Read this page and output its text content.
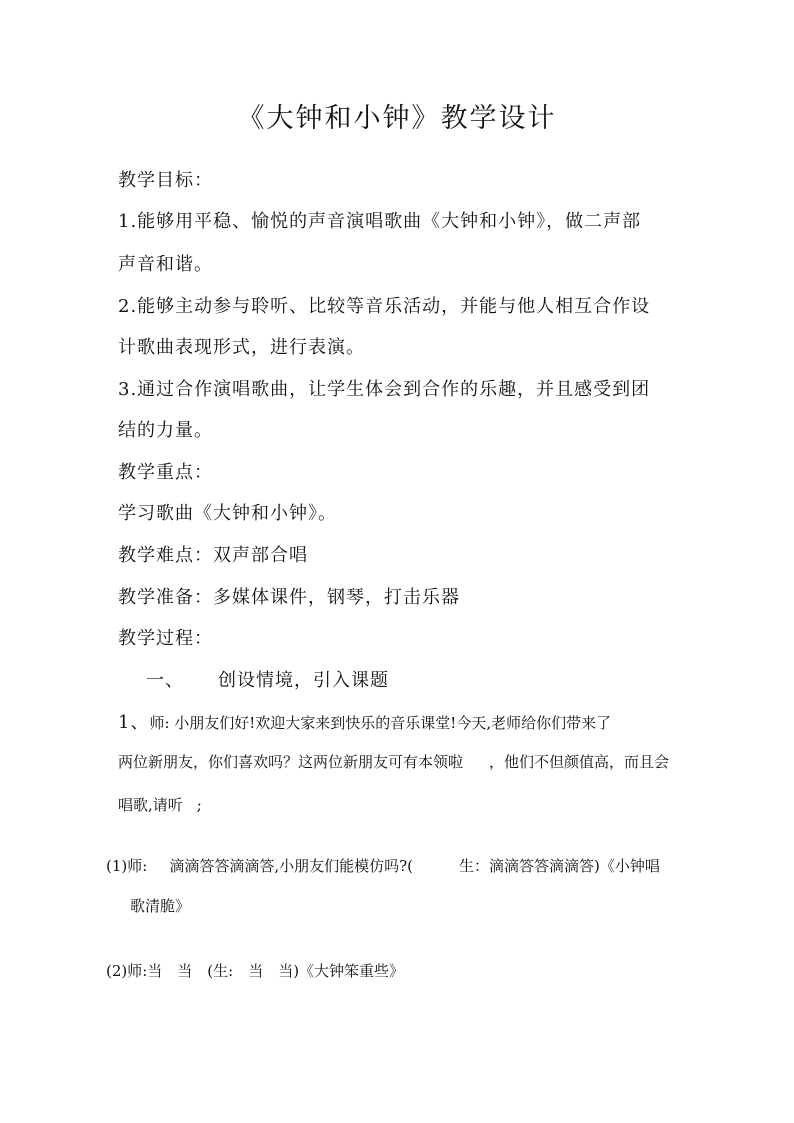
《大钟和小钟》教学设计
教学目标：
1.能够用平稳、愉悦的声音演唱歌曲《大钟和小钟》，做二声部
声音和谐。
2.能够主动参与聆听、比较等音乐活动，并能与他人相互合作设
计歌曲表现形式，进行表演。
3.通过合作演唱歌曲，让学生体会到合作的乐趣，并且感受到团
结的力量。
教学重点：
学习歌曲《大钟和小钟》。
教学难点：双声部合唱
教学准备：多媒体课件，钢琴，打击乐器
教学过程：
一、 创设情境，引入课题
1、师: 小朋友们好!欢迎大家来到快乐的音乐课堂!今天,老师给你们带来了
两位新朋友，你们喜欢吗？这两位新朋友可有本领啦 ，他们不但颜值高，而且会
唱歌,请听 ;
(1)师: 滴滴答答滴滴答,小朋友们能模仿吗?(	生：滴滴答答滴滴答)《小钟唱
歌清脆》
(2)师:当　当　(生:　当　当)《大钟笨重些》
